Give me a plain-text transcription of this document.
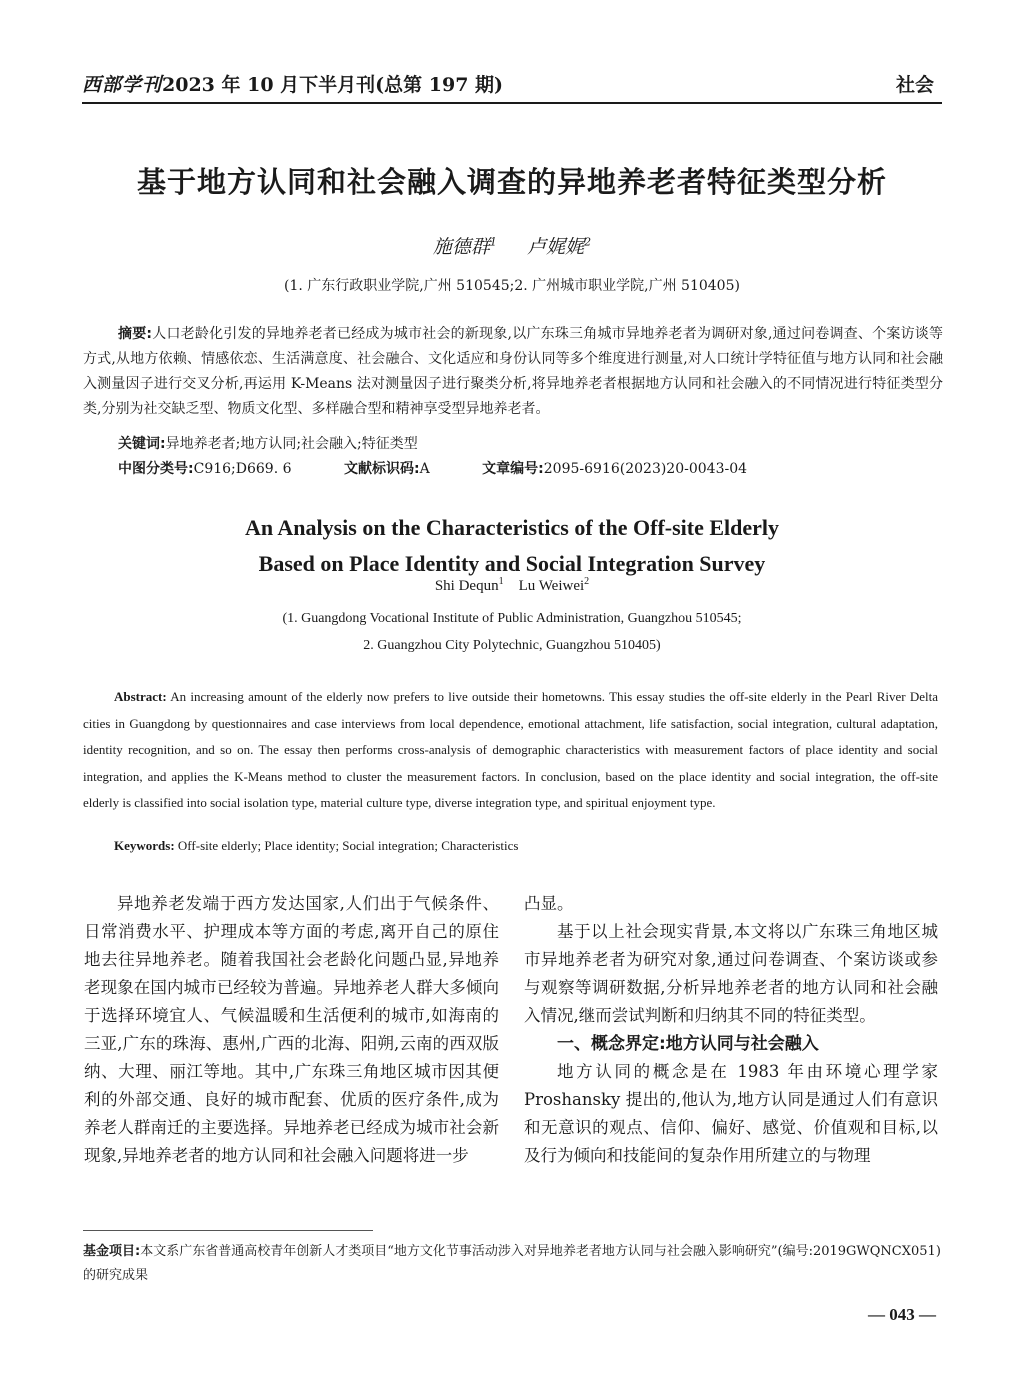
西部学刊2023 年 10 月下半月刊(总第 197 期)	社会
基于地方认同和社会融入调查的异地养老者特征类型分析
施德群$^1$ 卢娓娓$^2$
(1. 广东行政职业学院,广州 510545;2. 广州城市职业学院,广州 510405)
摘要:人口老龄化引发的异地养老者已经成为城市社会的新现象,以广东珠三角城市异地养老者为调研对象,通过问卷调查、个案访谈等方式,从地方依赖、情感依恋、生活满意度、社会融合、文化适应和身份认同等多个维度进行测量,对人口统计学特征值与地方认同和社会融入测量因子进行交叉分析,再运用 K-Means 法对测量因子进行聚类分析,将异地养老者根据地方认同和社会融入的不同情况进行特征类型分类,分别为社交缺乏型、物质文化型、多样融合型和精神享受型异地养老者。
关键词:异地养老者;地方认同;社会融入;特征类型
中图分类号:C916;D669. 6	文献标识码:A	文章编号:2095-6916(2023)20-0043-04
An Analysis on the Characteristics of the Off-site Elderly
Based on Place Identity and Social Integration Survey
Shi Dequn$^1$ Lu Weiwei$^2$
(1. Guangdong Vocational Institute of Public Administration, Guangzhou 510545;
2. Guangzhou City Polytechnic, Guangzhou 510405)
Abstract: An increasing amount of the elderly now prefers to live outside their hometowns. This essay studies the off-site elderly in the Pearl River Delta cities in Guangdong by questionnaires and case interviews from local dependence, emotional attachment, life satisfaction, social integration, cultural adaptation, identity recognition, and so on. The essay then performs cross-analysis of demographic characteristics with measurement factors of place identity and social integration, and applies the K-Means method to cluster the measurement factors. In conclusion, based on the place identity and social integration, the off-site elderly is classified into social isolation type, material culture type, diverse integration type, and spiritual enjoyment type.
Keywords: Off-site elderly; Place identity; Social integration; Characteristics

异地养老发端于西方发达国家,人们出于气候条件、日常消费水平、护理成本等方面的考虑,离开自己的原住地去往异地养老。随着我国社会老龄化问题凸显,异地养老现象在国内城市已经较为普遍。异地养老人群大多倾向于选择环境宜人、气候温暖和生活便利的城市,如海南的三亚,广东的珠海、惠州,广西的北海、阳朔,云南的西双版纳、大理、丽江等地。其中,广东珠三角地区城市因其便利的外部交通、良好的城市配套、优质的医疗条件,成为养老人群南迁的主要选择。异地养老已经成为城市社会新现象,异地养老者的地方认同和社会融入问题将进一步

凸显。

基于以上社会现实背景,本文将以广东珠三角地区城市异地养老者为研究对象,通过问卷调查、个案访谈或参与观察等调研数据,分析异地养老者的地方认同和社会融入情况,继而尝试判断和归纳其不同的特征类型。

一、概念界定:地方认同与社会融入

地方认同的概念是在 1983 年由环境心理学家 Proshansky 提出的,他认为,地方认同是通过人们有意识和无意识的观点、信仰、偏好、感觉、价值观和目标,以及行为倾向和技能间的复杂作用所建立的与物理

基金项目:本文系广东省普通高校青年创新人才类项目“地方文化节事活动涉入对异地养老者地方认同与社会融入影响研究”(编号:2019GWQNCX051)的研究成果
— 043 —
